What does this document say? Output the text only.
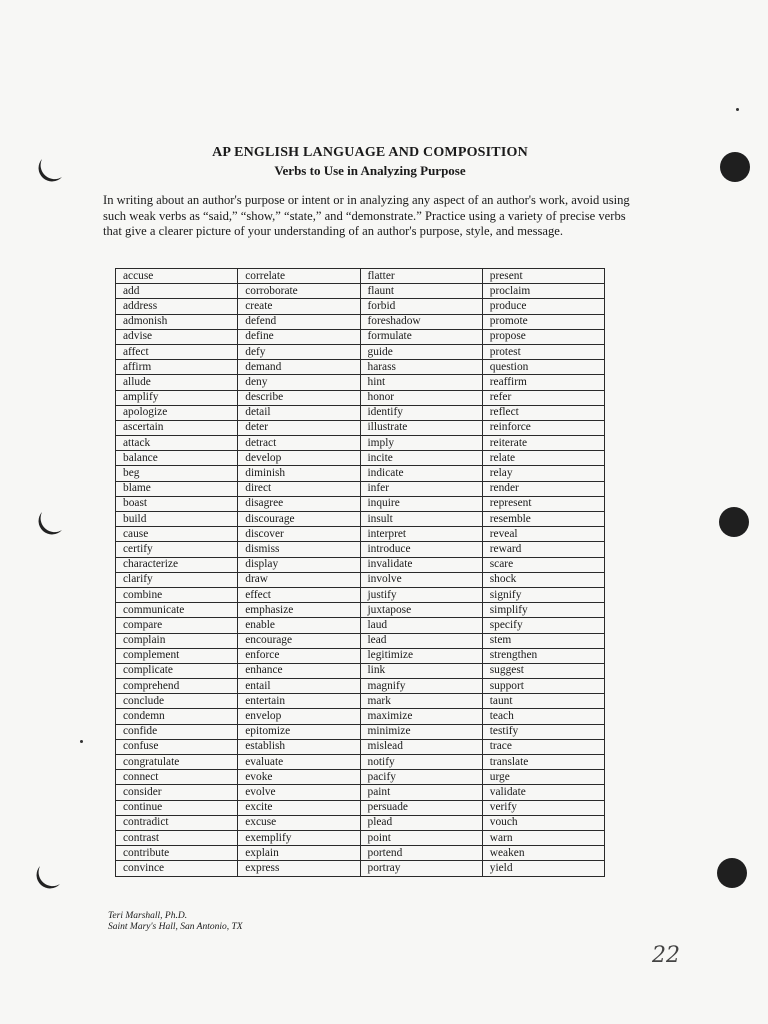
AP ENGLISH LANGUAGE AND COMPOSITION
Verbs to Use in Analyzing Purpose
In writing about an author's purpose or intent or in analyzing any aspect of an author's work, avoid using such weak verbs as “said,” “show,” “state,” and “demonstrate.” Practice using a variety of precise verbs that give a clearer picture of your understanding of an author's purpose, style, and message.
accuse	correlate	flatter	present
add	corroborate	flaunt	proclaim
address	create	forbid	produce
admonish	defend	foreshadow	promote
advise	define	formulate	propose
affect	defy	guide	protest
affirm	demand	harass	question
allude	deny	hint	reaffirm
amplify	describe	honor	refer
apologize	detail	identify	reflect
ascertain	deter	illustrate	reinforce
attack	detract	imply	reiterate
balance	develop	incite	relate
beg	diminish	indicate	relay
blame	direct	infer	render
boast	disagree	inquire	represent
build	discourage	insult	resemble
cause	discover	interpret	reveal
certify	dismiss	introduce	reward
characterize	display	invalidate	scare
clarify	draw	involve	shock
combine	effect	justify	signify
communicate	emphasize	juxtapose	simplify
compare	enable	laud	specify
complain	encourage	lead	stem
complement	enforce	legitimize	strengthen
complicate	enhance	link	suggest
comprehend	entail	magnify	support
conclude	entertain	mark	taunt
condemn	envelop	maximize	teach
confide	epitomize	minimize	testify
confuse	establish	mislead	trace
congratulate	evaluate	notify	translate
connect	evoke	pacify	urge
consider	evolve	paint	validate
continue	excite	persuade	verify
contradict	excuse	plead	vouch
contrast	exemplify	point	warn
contribute	explain	portend	weaken
convince	express	portray	yield
Teri Marshall, Ph.D.
Saint Mary's Hall, San Antonio, TX
22
